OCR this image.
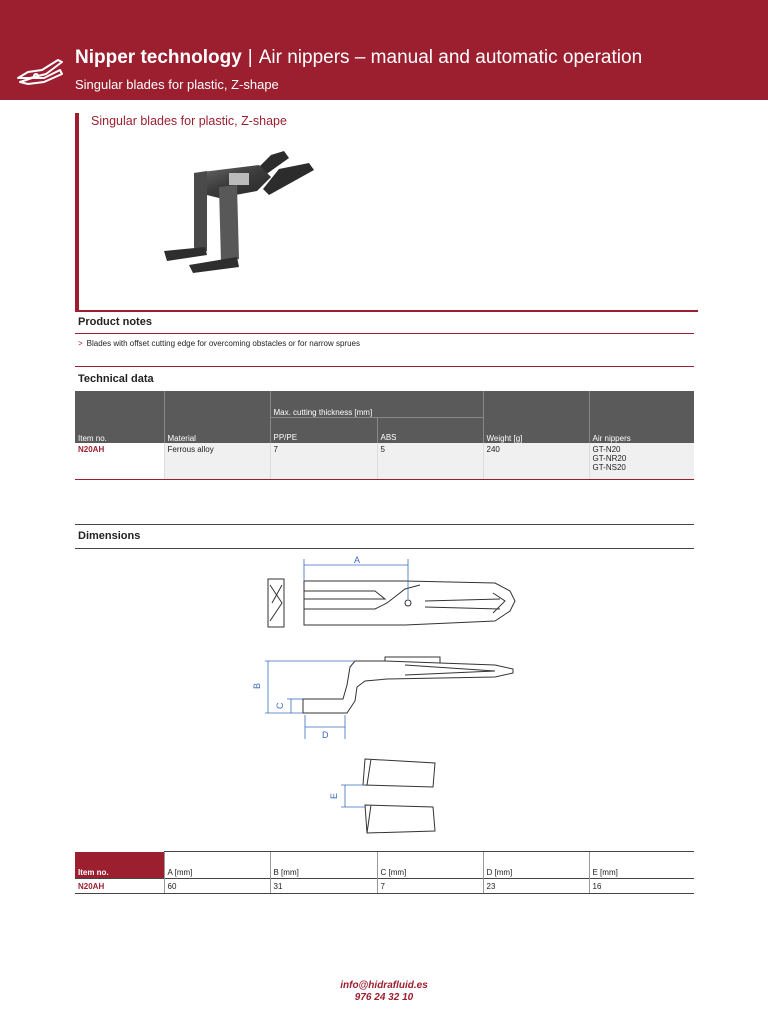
Nipper technology | Air nippers – manual and automatic operation
Singular blades for plastic, Z-shape
Singular blades for plastic, Z-shape
Product notes
> Blades with offset cutting edge for overcoming obstacles or for narrow sprues
Technical data
Item no.	Material	Max. cutting thickness [mm]		Weight [g]	Air nippers
		PP/PE	ABS		
N20AH	Ferrous alloy	7	5	240	GT-N20
GT-NR20
GT-NS20
Dimensions
A
B
C
D
E
Item no.	A [mm]	B [mm]	C [mm]	D [mm]	E [mm]
N20AH	60	31	7	23	16
info@hidrafluid.es
976 24 32 10
